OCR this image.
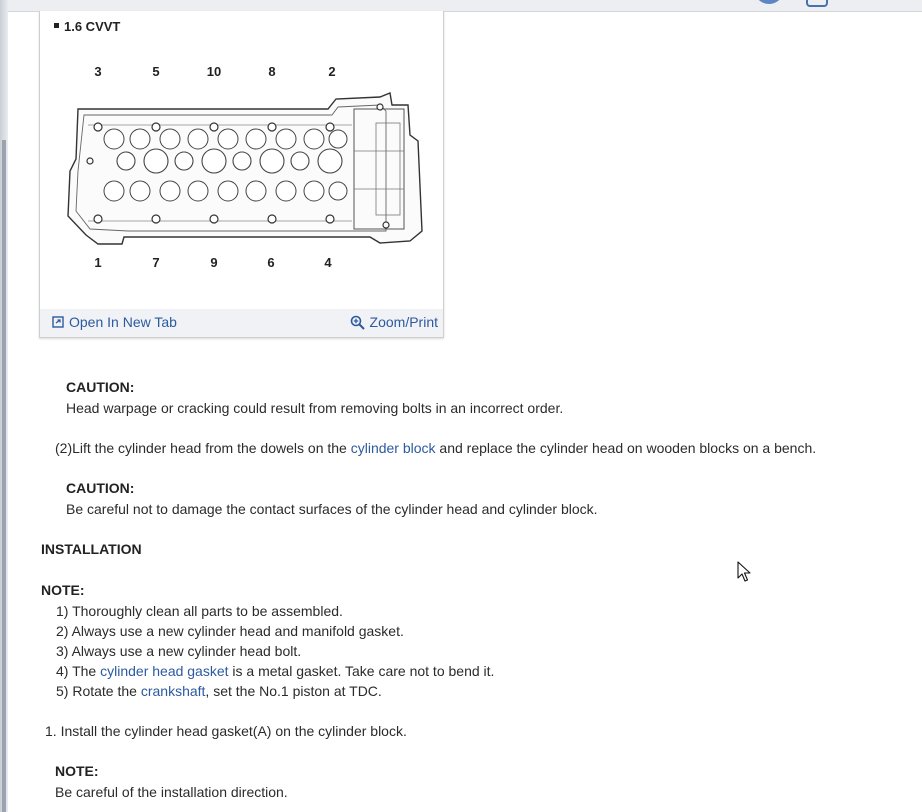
1.6 CVVT
3	5	10	8	2
1	7	9	6	4
Open In New Tab	Zoom/Print
CAUTION:
Head warpage or cracking could result from removing bolts in an incorrect order.
(2)Lift the cylinder head from the dowels on the cylinder block and replace the cylinder head on wooden blocks on a bench.
CAUTION:
Be careful not to damage the contact surfaces of the cylinder head and cylinder block.
INSTALLATION
NOTE:
1) Thoroughly clean all parts to be assembled.
2) Always use a new cylinder head and manifold gasket.
3) Always use a new cylinder head bolt.
4) The cylinder head gasket is a metal gasket. Take care not to bend it.
5) Rotate the crankshaft, set the No.1 piston at TDC.
1. Install the cylinder head gasket(A) on the cylinder block.
NOTE:
Be careful of the installation direction.
